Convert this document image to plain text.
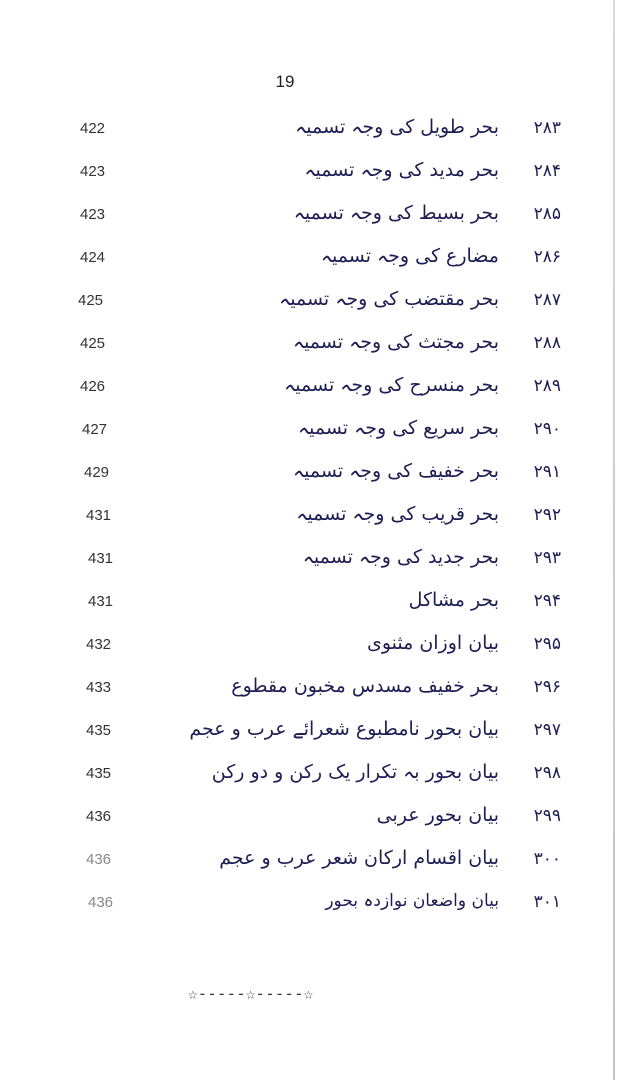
19
۲۸۳
بحر طویل کی وجہ تسمیہ
422
۲۸۴
بحر مدید کی وجہ تسمیہ
423
۲۸۵
بحر بسیط کی وجہ تسمیہ
423
۲۸۶
مضارع کی وجہ تسمیہ
424
۲۸۷
بحر مقتضب کی وجہ تسمیہ
425
۲۸۸
بحر مجتث کی وجہ تسمیہ
425
۲۸۹
بحر منسرح کی وجہ تسمیہ
426
۲۹۰
بحر سریع کی وجہ تسمیہ
427
۲۹۱
بحر خفیف کی وجہ تسمیہ
429
۲۹۲
بحر قریب کی وجہ تسمیہ
431
۲۹۳
بحر جدید کی وجہ تسمیہ
431
۲۹۴
بحر مشاکل
431
۲۹۵
بیان اوزان مثنوی
432
۲۹۶
بحر خفیف مسدس مخبون مقطوع
433
۲۹۷
بیان بحور نامطبوع شعرائے عرب و عجم
435
۲۹۸
بیان بحور بہ تکرار یک رکن و دو رکن
435
۲۹۹
بیان بحور عربی
436
۳۰۰
بیان اقسام ارکان شعر عرب و عجم
436
۳۰۱
بیان واضعان نوازدہ بحور
436
☆-----☆-----☆
